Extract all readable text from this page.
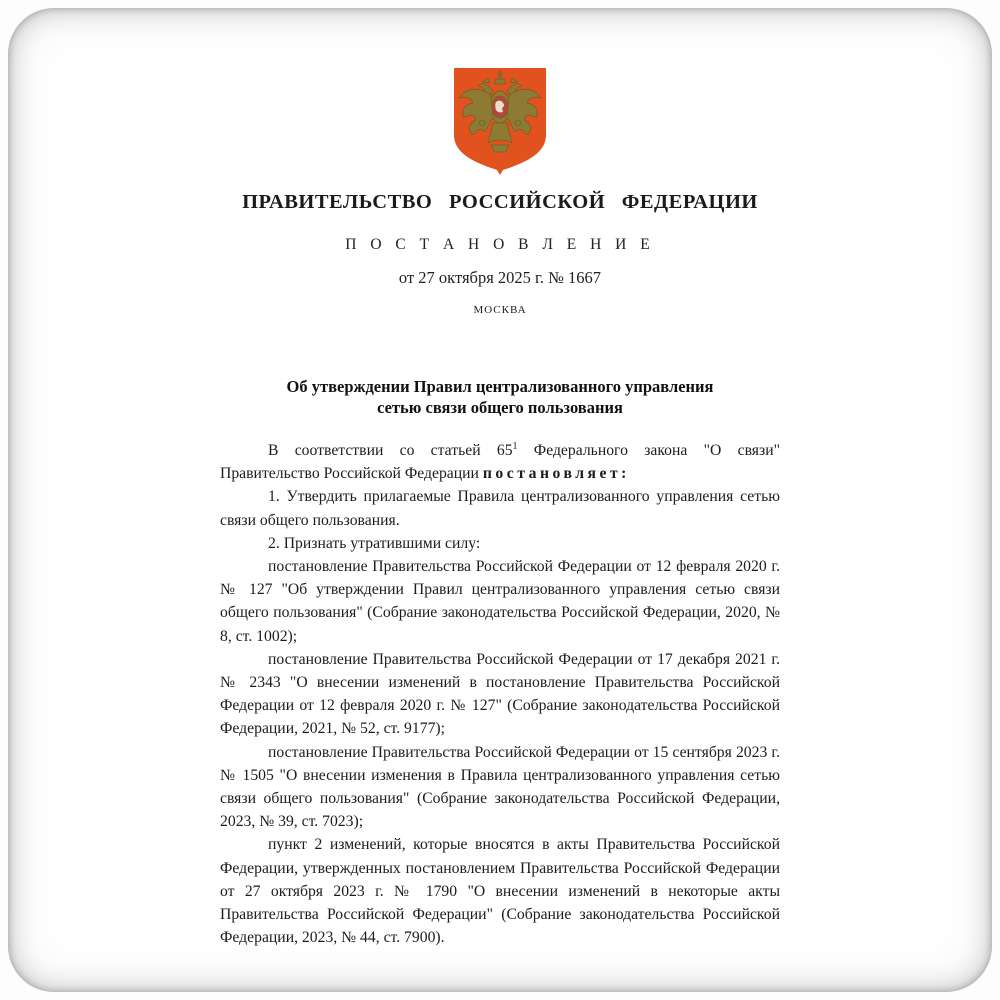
ПРАВИТЕЛЬСТВО РОССИЙСКОЙ ФЕДЕРАЦИИ
П О С Т А Н О В Л Е Н И Е
от 27 октября 2025 г. № 1667
МОСКВА
Об утверждении Правил централизованного управления
сетью связи общего пользования

В соответствии со статьей $65^1$ Федерального закона "О связи" Правительство Российской Федерации постановляет:

1. Утвердить прилагаемые Правила централизованного управления сетью связи общего пользования.

2. Признать утратившими силу:

постановление Правительства Российской Федерации от 12 февраля 2020 г. № 127 "Об утверждении Правил централизованного управления сетью связи общего пользования" (Собрание законодательства Российской Федерации, 2020, № 8, ст. 1002);

постановление Правительства Российской Федерации от 17 декабря 2021 г. № 2343 "О внесении изменений в постановление Правительства Российской Федерации от 12 февраля 2020 г. № 127" (Собрание законодательства Российской Федерации, 2021, № 52, ст. 9177);

постановление Правительства Российской Федерации от 15 сентября 2023 г. № 1505 "О внесении изменения в Правила централизованного управления сетью связи общего пользования" (Собрание законодательства Российской Федерации, 2023, № 39, ст. 7023);

пункт 2 изменений, которые вносятся в акты Правительства Российской Федерации, утвержденных постановлением Правительства Российской Федерации от 27 октября 2023 г. № 1790 "О внесении изменений в некоторые акты Правительства Российской Федерации" (Собрание законодательства Российской Федерации, 2023, № 44, ст. 7900).
